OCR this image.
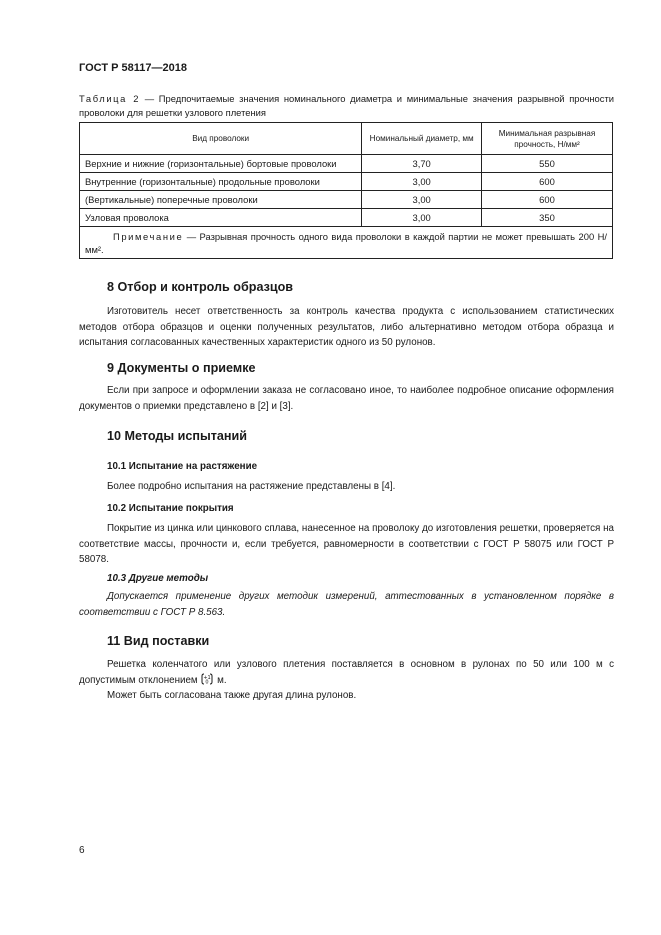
ГОСТ Р 58117—2018
Таблица 2 — Предпочитаемые значения номинального диаметра и минимальные значения разрывной прочности проволоки для решетки узлового плетения
Вид проволоки	Номинальный диаметр, мм	Минимальная разрывная прочность, Н/мм²
Верхние и нижние (горизонтальные) бортовые проволоки	3,70	550
Внутренние (горизонтальные) продольные проволоки	3,00	600
(Вертикальные) поперечные проволоки	3,00	600
Узловая проволока	3,00	350
Примечание — Разрывная прочность одного вида проволоки в каждой партии не может превышать 200 Н/мм².		
8 Отбор и контроль образцов
Изготовитель несет ответственность за контроль качества продукта с использованием статистических методов отбора образцов и оценки полученных результатов, либо альтернативно методом отбора образца и испытания согласованных качественных характеристик одного из 50 рулонов.
9 Документы о приемке
Если при запросе и оформлении заказа не согласовано иное, то наиболее подробное описание оформления документов о приемки представлено в [2] и [3].
10 Методы испытаний
10.1 Испытание на растяжение
Более подробно испытания на растяжение представлены в [4].
10.2 Испытание покрытия
Покрытие из цинка или цинкового сплава, нанесенное на проволоку до изготовления решетки, проверяется на соответствие массы, прочности и, если требуется, равномерности в соответствии с ГОСТ Р 58075 или ГОСТ Р 58078.
10.3 Другие методы
Допускается применение других методик измерений, аттестованных в установленном порядке в соответствии с ГОСТ Р 8.563.
11 Вид поставки
Решетка коленчатого или узлового плетения поставляется в основном в рулонах по 50 или 100 м с допустимым отклонением +1
0 м.
Может быть согласована также другая длина рулонов.
6
